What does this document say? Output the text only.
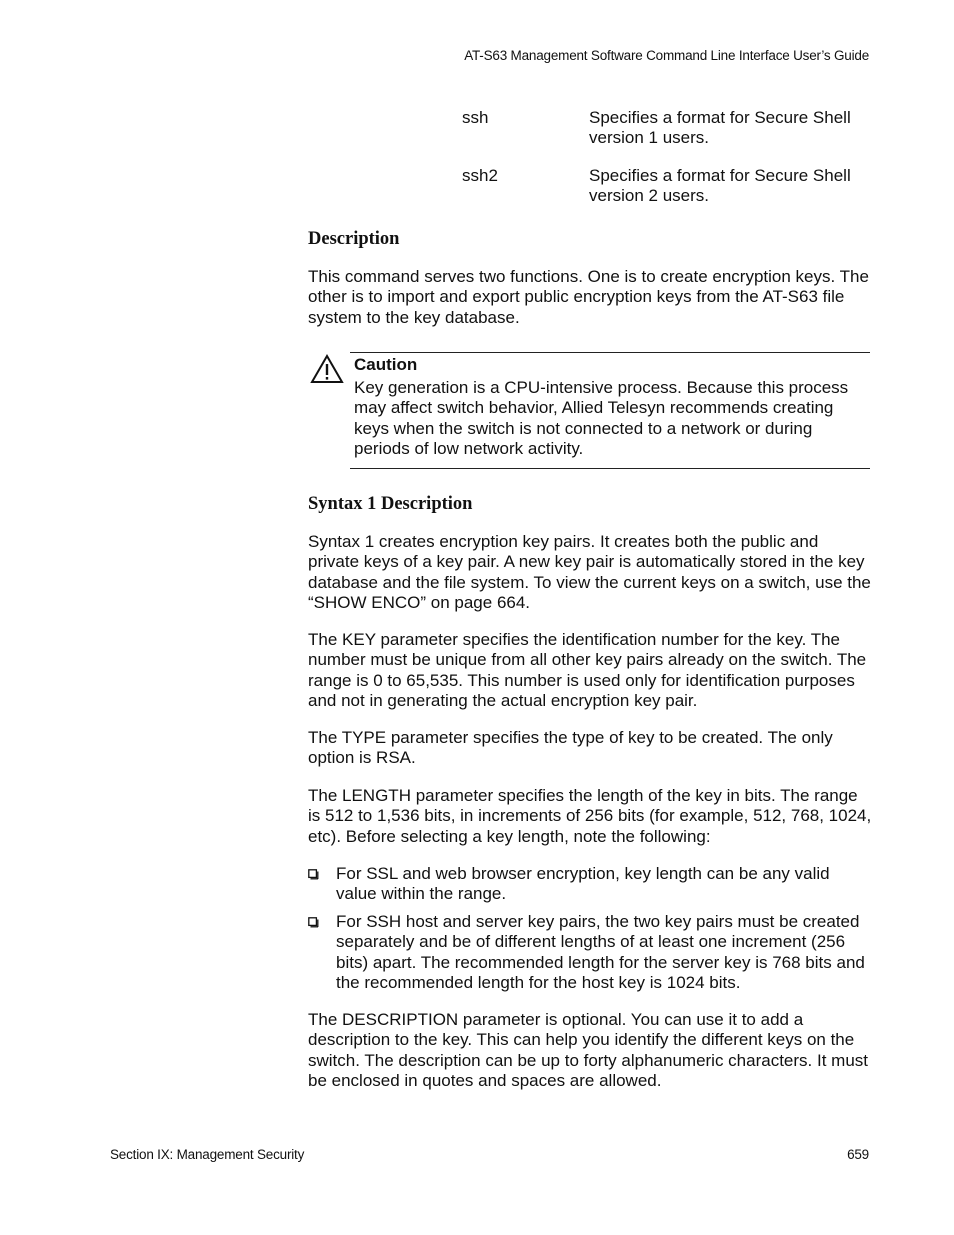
AT-S63 Management Software Command Line Interface User’s Guide
ssh	Specifies a format for Secure Shell version 1 users.
ssh2	Specifies a format for Secure Shell version 2 users.
Description
This command serves two functions. One is to create encryption keys. The other is to import and export public encryption keys from the AT-S63 file system to the key database.
Caution
Key generation is a CPU-intensive process. Because this process may affect switch behavior, Allied Telesyn recommends creating keys when the switch is not connected to a network or during periods of low network activity.
Syntax 1 Description
Syntax 1 creates encryption key pairs. It creates both the public and private keys of a key pair. A new key pair is automatically stored in the key database and the file system. To view the current keys on a switch, use the “SHOW ENCO” on page 664.
The KEY parameter specifies the identification number for the key. The number must be unique from all other key pairs already on the switch. The range is 0 to 65,535. This number is used only for identification purposes and not in generating the actual encryption key pair.
The TYPE parameter specifies the type of key to be created. The only option is RSA.
The LENGTH parameter specifies the length of the key in bits. The range is 512 to 1,536 bits, in increments of 256 bits (for example, 512, 768, 1024, etc). Before selecting a key length, note the following:
For SSL and web browser encryption, key length can be any valid value within the range.
For SSH host and server key pairs, the two key pairs must be created separately and be of different lengths of at least one increment (256 bits) apart. The recommended length for the server key is 768 bits and the recommended length for the host key is 1024 bits.
The DESCRIPTION parameter is optional. You can use it to add a description to the key. This can help you identify the different keys on the switch. The description can be up to forty alphanumeric characters. It must be enclosed in quotes and spaces are allowed.
Section IX: Management Security	659
